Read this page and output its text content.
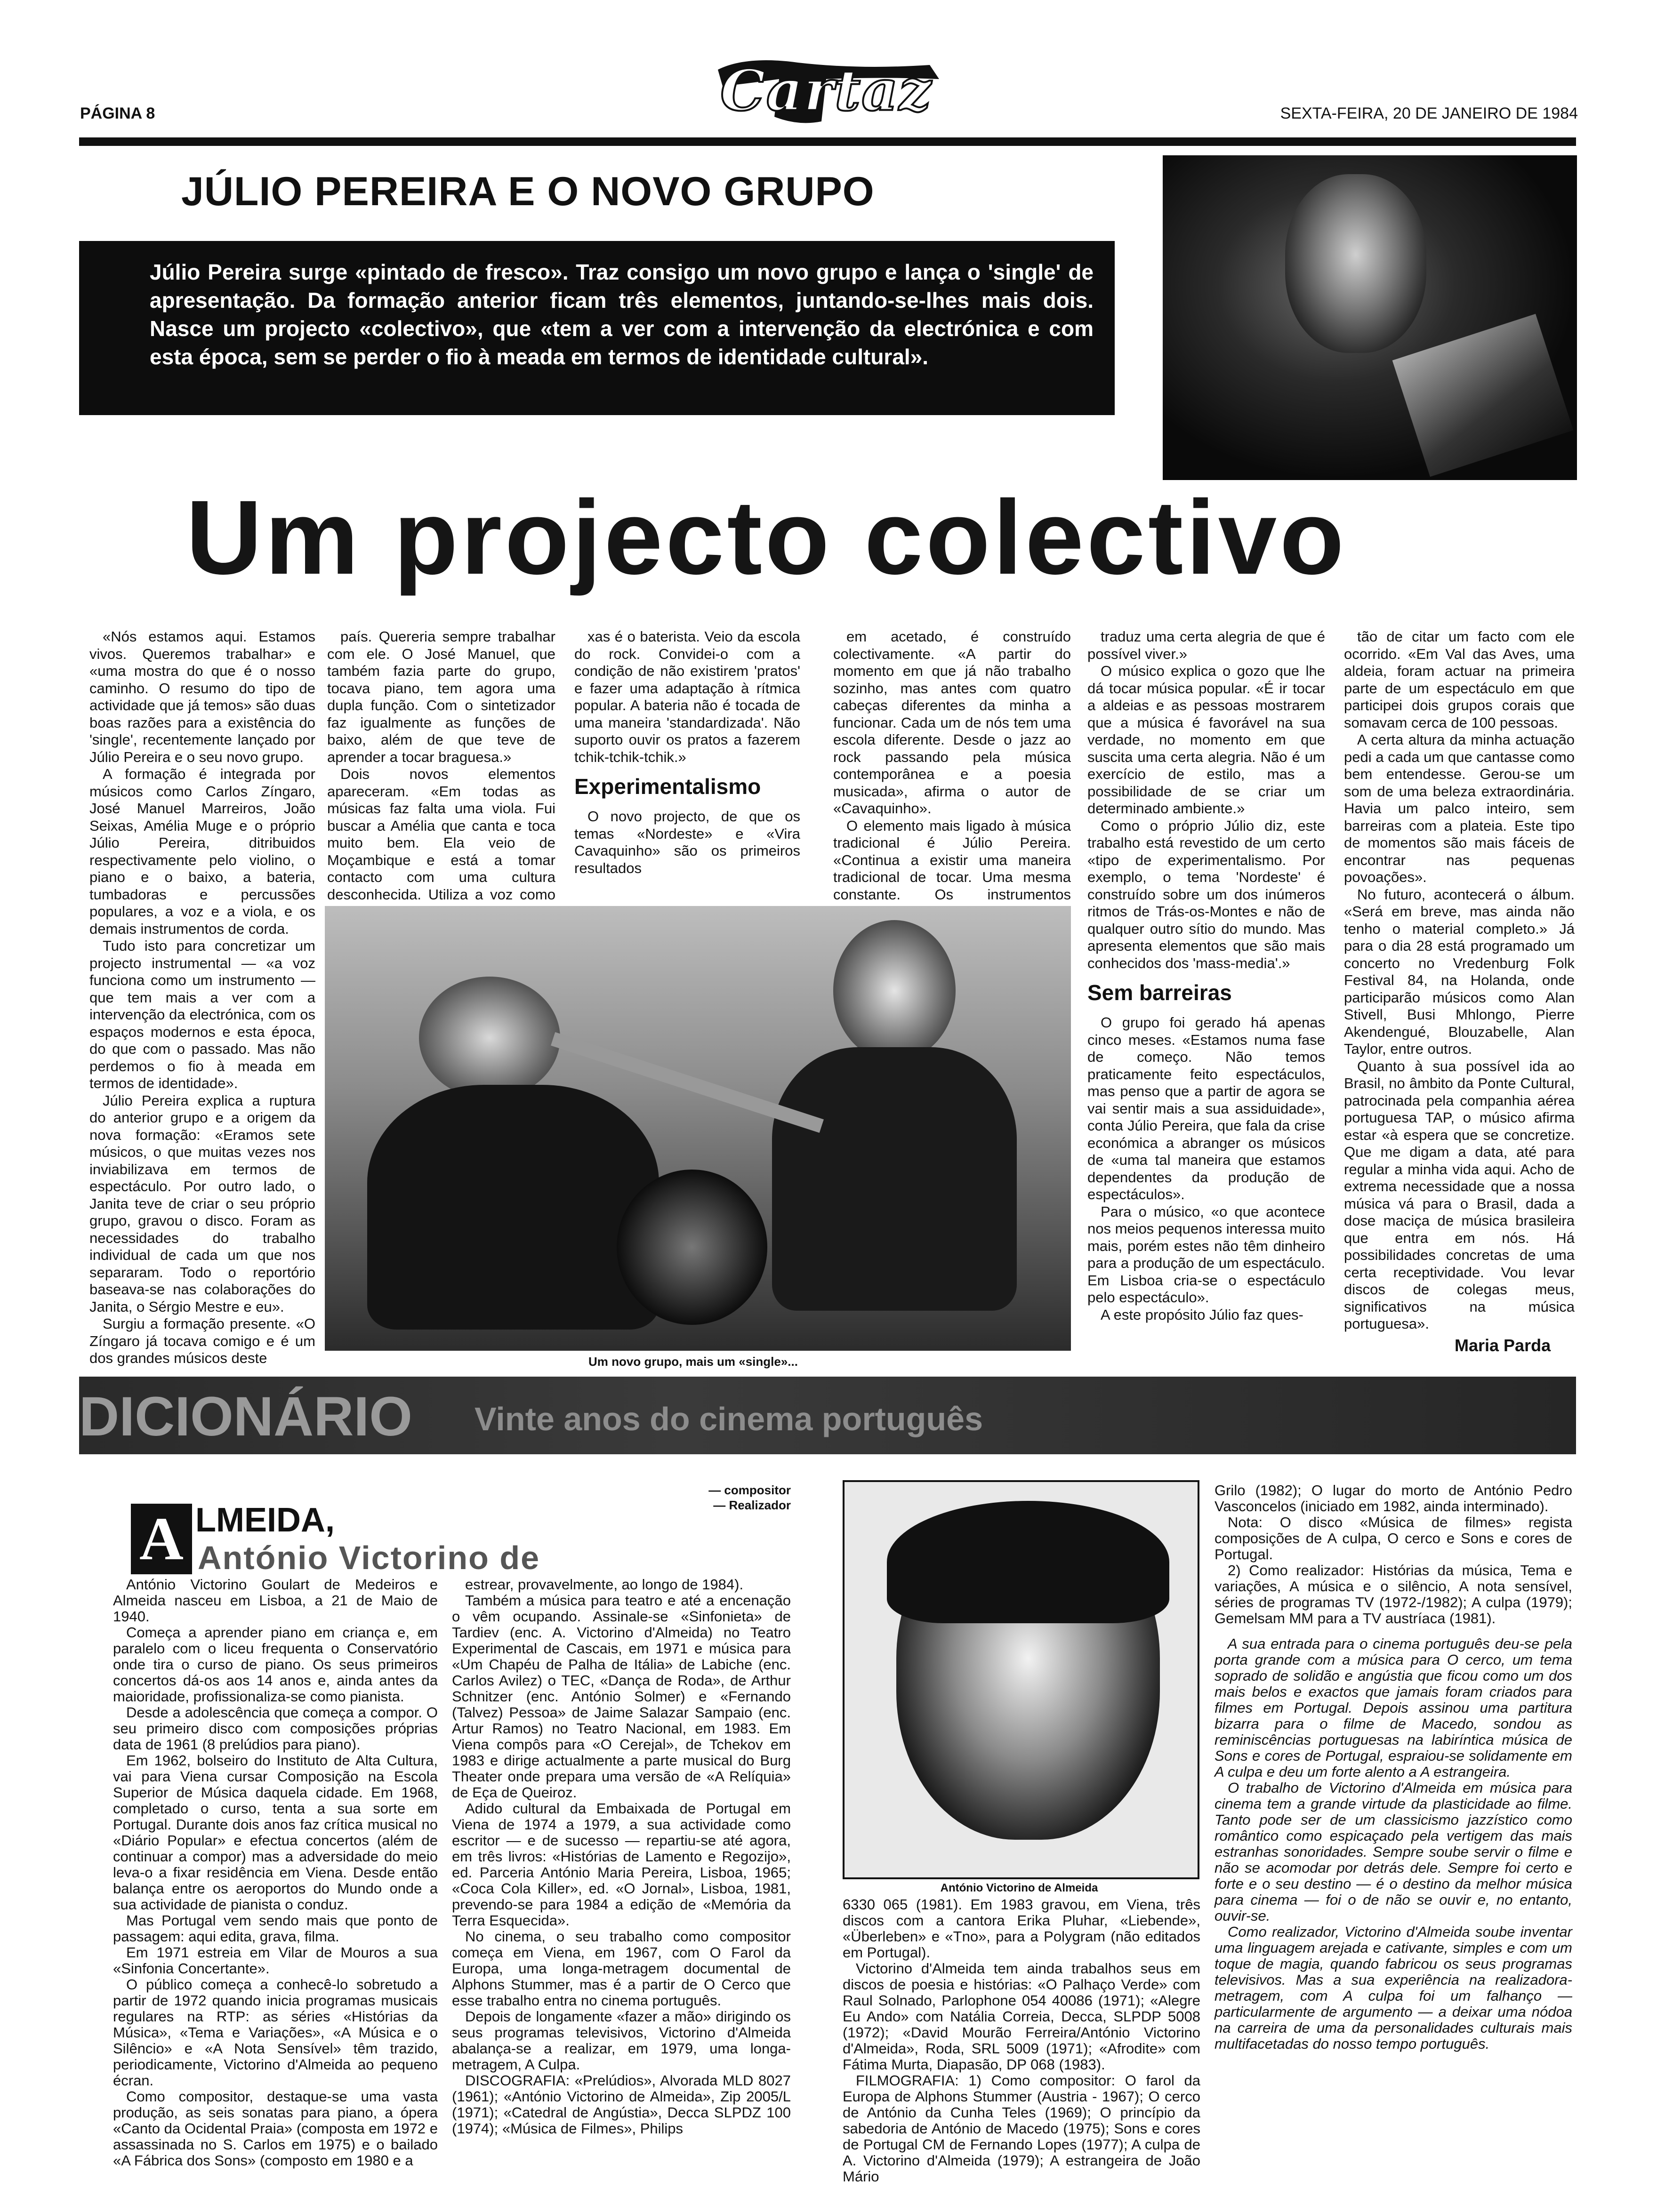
PÁGINA 8	Cartaz	SEXTA-FEIRA, 20 DE JANEIRO DE 1984
JÚLIO PEREIRA E O NOVO GRUPO
Júlio Pereira surge «pintado de fresco». Traz consigo um novo grupo e lança o 'single' de apresentação. Da formação anterior ficam três elementos, juntando-se-lhes mais dois. Nasce um projecto «colectivo», que «tem a ver com a intervenção da electrónica e com esta época, sem se perder o fio à meada em termos de identidade cultural».
Um projecto colectivo

«Nós estamos aqui. Estamos vivos. Queremos trabalhar» e «uma mostra do que é o nosso caminho. O resumo do tipo de actividade que já temos» são duas boas razões para a existência do 'single', recentemente lançado por Júlio Pereira e o seu novo grupo.

A formação é integrada por músicos como Carlos Zíngaro, José Manuel Marreiros, João Seixas, Amélia Muge e o próprio Júlio Pereira, ditribuidos respectivamente pelo violino, o piano e o baixo, a bateria, tumbadoras e percussões populares, a voz e a viola, e os demais instrumentos de corda.

Tudo isto para concretizar um projecto instrumental — «a voz funciona como um instrumento — que tem mais a ver com a intervenção da electrónica, com os espaços modernos e esta época, do que com o passado. Mas não perdemos o fio à meada em termos de identidade».

Júlio Pereira explica a ruptura do anterior grupo e a origem da nova formação: «Eramos sete músicos, o que muitas vezes nos inviabilizava em termos de espectáculo. Por outro lado, o Janita teve de criar o seu próprio grupo, gravou o disco. Foram as necessidades do trabalho individual de cada um que nos separaram. Todo o reportório baseava-se nas colaborações do Janita, o Sérgio Mestre e eu».

Surgiu a formação presente. «O Zíngaro já tocava comigo e é um dos grandes músicos deste

país. Quereria sempre trabalhar com ele. O José Manuel, que também fazia parte do grupo, tocava piano, tem agora uma dupla função. Com o sintetizador faz igualmente as funções de baixo, além de que teve de aprender a tocar braguesa.»

Dois novos elementos apareceram. «Em todas as músicas faz falta uma viola. Fui buscar a Amélia que canta e toca muito bem. Ela veio de Moçambique e está a tomar contacto com uma cultura desconhecida. Utiliza a voz como

xas é o baterista. Veio da escola do rock. Convidei-o com a condição de não existirem 'pratos' e fazer uma adaptação à rítmica popular. A bateria não é tocada de uma maneira 'standardizada'. Não suporto ouvir os pratos a fazerem tchik-tchik-tchik.»

Experimentalismo

O novo projecto, de que os temas «Nordeste» e «Vira Cavaquinho» são os primeiros resultados

em acetado, é construído colectivamente. «A partir do momento em que já não trabalho sozinho, mas antes com quatro cabeças diferentes da minha a funcionar. Cada um de nós tem uma escola diferente. Desde o jazz ao rock passando pela música contemporânea e a poesia musicada», afirma o autor de «Cavaquinho».

O elemento mais ligado à música tradicional é Júlio Pereira. «Continua a existir uma maneira tradicional de tocar. Uma mesma constante. Os instrumentos

traduz uma certa alegria de que é possível viver.»

O músico explica o gozo que lhe dá tocar música popular. «É ir tocar a aldeias e as pessoas mostrarem que a música é favorável na sua verdade, no momento em que suscita uma certa alegria. Não é um exercício de estilo, mas a possibilidade de se criar um determinado ambiente.»

Como o próprio Júlio diz, este trabalho está revestido de um certo «tipo de experimentalismo. Por exemplo, o tema 'Nordeste' é construído sobre um dos inúmeros ritmos de Trás-os-Montes e não de qualquer outro sítio do mundo. Mas apresenta elementos que são mais conhecidos dos 'mass-media'.»

Sem barreiras

O grupo foi gerado há apenas cinco meses. «Estamos numa fase de começo. Não temos praticamente feito espectáculos, mas penso que a partir de agora se vai sentir mais a sua assiduidade», conta Júlio Pereira, que fala da crise económica a abranger os músicos de «uma tal maneira que estamos dependentes da produção de espectáculos».

Para o músico, «o que acontece nos meios pequenos interessa muito mais, porém estes não têm dinheiro para a produção de um espectáculo. Em Lisboa cria-se o espectáculo pelo espectáculo».

A este propósito Júlio faz ques-

tão de citar um facto com ele ocorrido. «Em Val das Aves, uma aldeia, foram actuar na primeira parte de um espectáculo em que participei dois grupos corais que somavam cerca de 100 pessoas.

A certa altura da minha actuação pedi a cada um que cantasse como bem entendesse. Gerou-se um som de uma beleza extraordinária. Havia um palco inteiro, sem barreiras com a plateia. Este tipo de momentos são mais fáceis de encontrar nas pequenas povoações».

No futuro, acontecerá o álbum. «Será em breve, mas ainda não tenho o material completo.» Já para o dia 28 está programado um concerto no Vredenburg Folk Festival 84, na Holanda, onde participarão músicos como Alan Stivell, Busi Mhlongo, Pierre Akendengué, Blouzabelle, Alan Taylor, entre outros.

Quanto à sua possível ida ao Brasil, no âmbito da Ponte Cultural, patrocinada pela companhia aérea portuguesa TAP, o músico afirma estar «à espera que se concretize. Que me digam a data, até para regular a minha vida aqui. Acho de extrema necessidade que a nossa música vá para o Brasil, dada a dose maciça de música brasileira que entra em nós. Há possibilidades concretas de uma certa receptividade. Vou levar discos de colegas meus, significativos na música portuguesa».

Maria Parda
Um novo grupo, mais um «single»...
DICIONÁRIO Vinte anos do cinema português
— compositor
— Realizador
A LMEIDA,
António Victorino de

António Victorino Goulart de Medeiros e Almeida nasceu em Lisboa, a 21 de Maio de 1940.

Começa a aprender piano em criança e, em paralelo com o liceu frequenta o Conservatório onde tira o curso de piano. Os seus primeiros concertos dá-os aos 14 anos e, ainda antes da maioridade, profissionaliza-se como pianista.

Desde a adolescência que começa a compor. O seu primeiro disco com composições próprias data de 1961 (8 prelúdios para piano).

Em 1962, bolseiro do Instituto de Alta Cultura, vai para Viena cursar Composição na Escola Superior de Música daquela cidade. Em 1968, completado o curso, tenta a sua sorte em Portugal. Durante dois anos faz crítica musical no «Diário Popular» e efectua concertos (além de continuar a compor) mas a adversidade do meio leva-o a fixar residência em Viena. Desde então balança entre os aeroportos do Mundo onde a sua actividade de pianista o conduz.

Mas Portugal vem sendo mais que ponto de passagem: aqui edita, grava, filma.

Em 1971 estreia em Vilar de Mouros a sua «Sinfonia Concertante».

O público começa a conhecê-lo sobretudo a partir de 1972 quando inicia programas musicais regulares na RTP: as séries «Histórias da Música», «Tema e Variações», «A Música e o Silêncio» e «A Nota Sensível» têm trazido, periodicamente, Victorino d'Almeida ao pequeno écran.

Como compositor, destaque-se uma vasta produção, as seis sonatas para piano, a ópera «Canto da Ocidental Praia» (composta em 1972 e assassinada no S. Carlos em 1975) e o bailado «A Fábrica dos Sons» (composto em 1980 e a

estrear, provavelmente, ao longo de 1984).

Também a música para teatro e até a encenação o vêm ocupando. Assinale-se «Sinfonieta» de Tardiev (enc. A. Victorino d'Almeida) no Teatro Experimental de Cascais, em 1971 e música para «Um Chapéu de Palha de Itália» de Labiche (enc. Carlos Avilez) o TEC, «Dança de Roda», de Arthur Schnitzer (enc. António Solmer) e «Fernando (Talvez) Pessoa» de Jaime Salazar Sampaio (enc. Artur Ramos) no Teatro Nacional, em 1983. Em Viena compôs para «O Cerejal», de Tchekov em 1983 e dirige actualmente a parte musical do Burg Theater onde prepara uma versão de «A Relíquia» de Eça de Queiroz.

Adido cultural da Embaixada de Portugal em Viena de 1974 a 1979, a sua actividade como escritor — e de sucesso — repartiu-se até agora, em três livros: «Histórias de Lamento e Regozijo», ed. Parceria António Maria Pereira, Lisboa, 1965; «Coca Cola Killer», ed. «O Jornal», Lisboa, 1981, prevendo-se para 1984 a edição de «Memória da Terra Esquecida».

No cinema, o seu trabalho como compositor começa em Viena, em 1967, com O Farol da Europa, uma longa-metragem documental de Alphons Stummer, mas é a partir de O Cerco que esse trabalho entra no cinema português.

Depois de longamente «fazer a mão» dirigindo os seus programas televisivos, Victorino d'Almeida abalança-se a realizar, em 1979, uma longa-metragem, A Culpa.

DISCOGRAFIA: «Prelúdios», Alvorada MLD 8027 (1961); «António Victorino de Almeida», Zip 2005/L (1971); «Catedral de Angústia», Decca SLPDZ 100 (1974); «Música de Filmes», Philips

António Victorino de Almeida

6330 065 (1981). Em 1983 gravou, em Viena, três discos com a cantora Erika Pluhar, «Liebende», «Überleben» e «Tno», para a Polygram (não editados em Portugal).

Victorino d'Almeida tem ainda trabalhos seus em discos de poesia e histórias: «O Palhaço Verde» com Raul Solnado, Parlophone 054 40086 (1971); «Alegre Eu Ando» com Natália Correia, Decca, SLPDP 5008 (1972); «David Mourão Ferreira/António Victorino d'Almeida», Roda, SRL 5009 (1971); «Afrodite» com Fátima Murta, Diapasão, DP 068 (1983).

FILMOGRAFIA: 1) Como compositor: O farol da Europa de Alphons Stummer (Austria - 1967); O cerco de António da Cunha Teles (1969); O princípio da sabedoria de António de Macedo (1975); Sons e cores de Portugal CM de Fernando Lopes (1977); A culpa de A. Victorino d'Almeida (1979); A estrangeira de João Mário

Grilo (1982); O lugar do morto de António Pedro Vasconcelos (iniciado em 1982, ainda interminado).

Nota: O disco «Música de filmes» regista composições de A culpa, O cerco e Sons e cores de Portugal.

2) Como realizador: Histórias da música, Tema e variações, A música e o silêncio, A nota sensível, séries de programas TV (1972-/1982); A culpa (1979); Gemelsam MM para a TV austríaca (1981).

A sua entrada para o cinema português deu-se pela porta grande com a música para O cerco, um tema soprado de solidão e angústia que ficou como um dos mais belos e exactos que jamais foram criados para filmes em Portugal. Depois assinou uma partitura bizarra para o filme de Macedo, sondou as reminiscências portuguesas na labiríntica música de Sons e cores de Portugal, espraiou-se solidamente em A culpa e deu um forte alento a A estrangeira.

O trabalho de Victorino d'Almeida em música para cinema tem a grande virtude da plasticidade ao filme. Tanto pode ser de um classicismo jazzístico como romântico como espicaçado pela vertigem das mais estranhas sonoridades. Sempre soube servir o filme e não se acomodar por detrás dele. Sempre foi certo e forte e o seu destino — é o destino da melhor música para cinema — foi o de não se ouvir e, no entanto, ouvir-se.

Como realizador, Victorino d'Almeida soube inventar uma linguagem arejada e cativante, simples e com um toque de magia, quando fabricou os seus programas televisivos. Mas a sua experiência na realizadora-metragem, com A culpa foi um falhanço — particularmente de argumento — a deixar uma nódoa na carreira de uma da personalidades culturais mais multifacetadas do nosso tempo português.
